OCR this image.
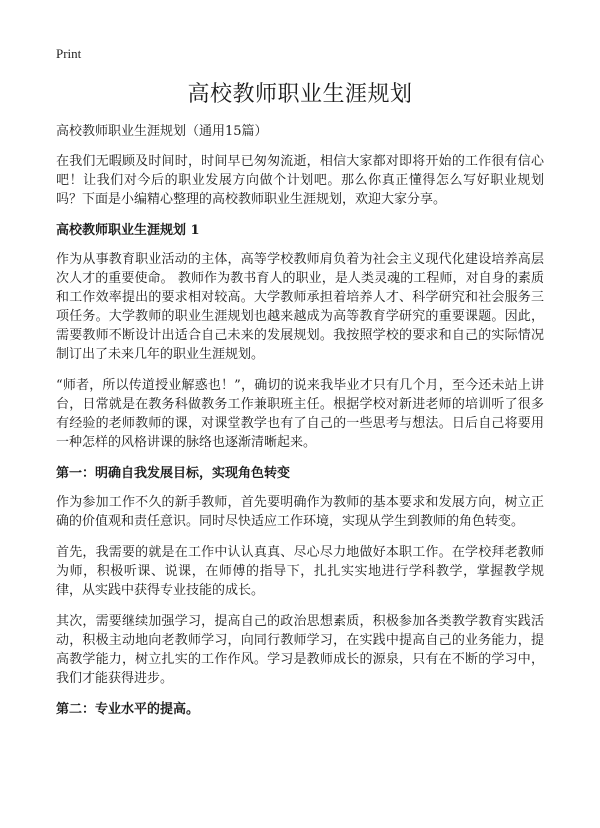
Print
高校教师职业生涯规划
高校教师职业生涯规划（通用15篇）

在我们无暇顾及时间时，时间早已匆匆流逝，相信大家都对即将开始的工作很有信心吧！让我们对今后的职业发展方向做个计划吧。那么你真正懂得怎么写好职业规划吗？下面是小编精心整理的高校教师职业生涯规划，欢迎大家分享。

高校教师职业生涯规划 1

作为从事教育职业活动的主体，高等学校教师肩负着为社会主义现代化建设培养高层次人才的重要使命。 教师作为教书育人的职业，是人类灵魂的工程师，对自身的素质和工作效率提出的要求相对较高。大学教师承担着培养人才、科学研究和社会服务三项任务。大学教师的职业生涯规划也越来越成为高等教育学研究的重要课题。因此，需要教师不断设计出适合自己未来的发展规划。我按照学校的要求和自己的实际情况制订出了未来几年的职业生涯规划。

“师者，所以传道授业解惑也！”，确切的说来我毕业才只有几个月，至今还未站上讲台，日常就是在教务科做教务工作兼职班主任。根据学校对新进老师的培训听了很多有经验的老师教师的课，对课堂教学也有了自己的一些思考与想法。日后自己将要用一种怎样的风格讲课的脉络也逐渐清晰起来。

第一：明确自我发展目标，实现角色转变

作为参加工作不久的新手教师，首先要明确作为教师的基本要求和发展方向，树立正确的价值观和责任意识。同时尽快适应工作环境，实现从学生到教师的角色转变。

首先，我需要的就是在工作中认认真真、尽心尽力地做好本职工作。在学校拜老教师为师，积极听课、说课，在师傅的指导下，扎扎实实地进行学科教学，掌握教学规律，从实践中获得专业技能的成长。

其次，需要继续加强学习，提高自己的政治思想素质，积极参加各类教学教育实践活动，积极主动地向老教师学习，向同行教师学习，在实践中提高自己的业务能力，提高教学能力，树立扎实的工作作风。学习是教师成长的源泉，只有在不断的学习中，我们才能获得进步。

第二：专业水平的提高。
